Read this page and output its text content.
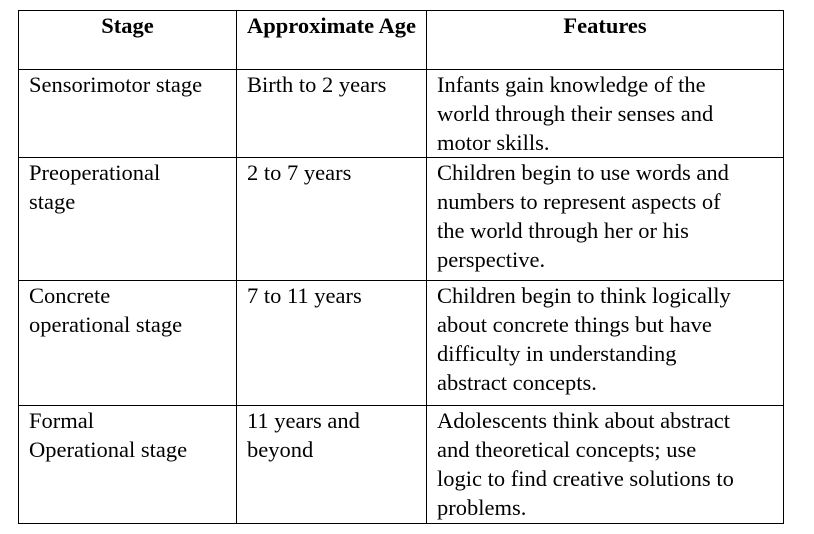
Stage	Approximate Age	Features

Sensorimotor stage	Birth to 2 years	Infants gain knowledge of the
world through their senses and
motor skills.

Preoperational
stage	2 to 7 years	Children begin to use words and
numbers to represent aspects of
the world through her or his
perspective.

Concrete
operational stage	7 to 11 years	Children begin to think logically
about concrete things but have
difficulty in understanding
abstract concepts.

Formal
Operational stage	11 years and
beyond	Adolescents think about abstract
and theoretical concepts; use
logic to find creative solutions to
problems.
